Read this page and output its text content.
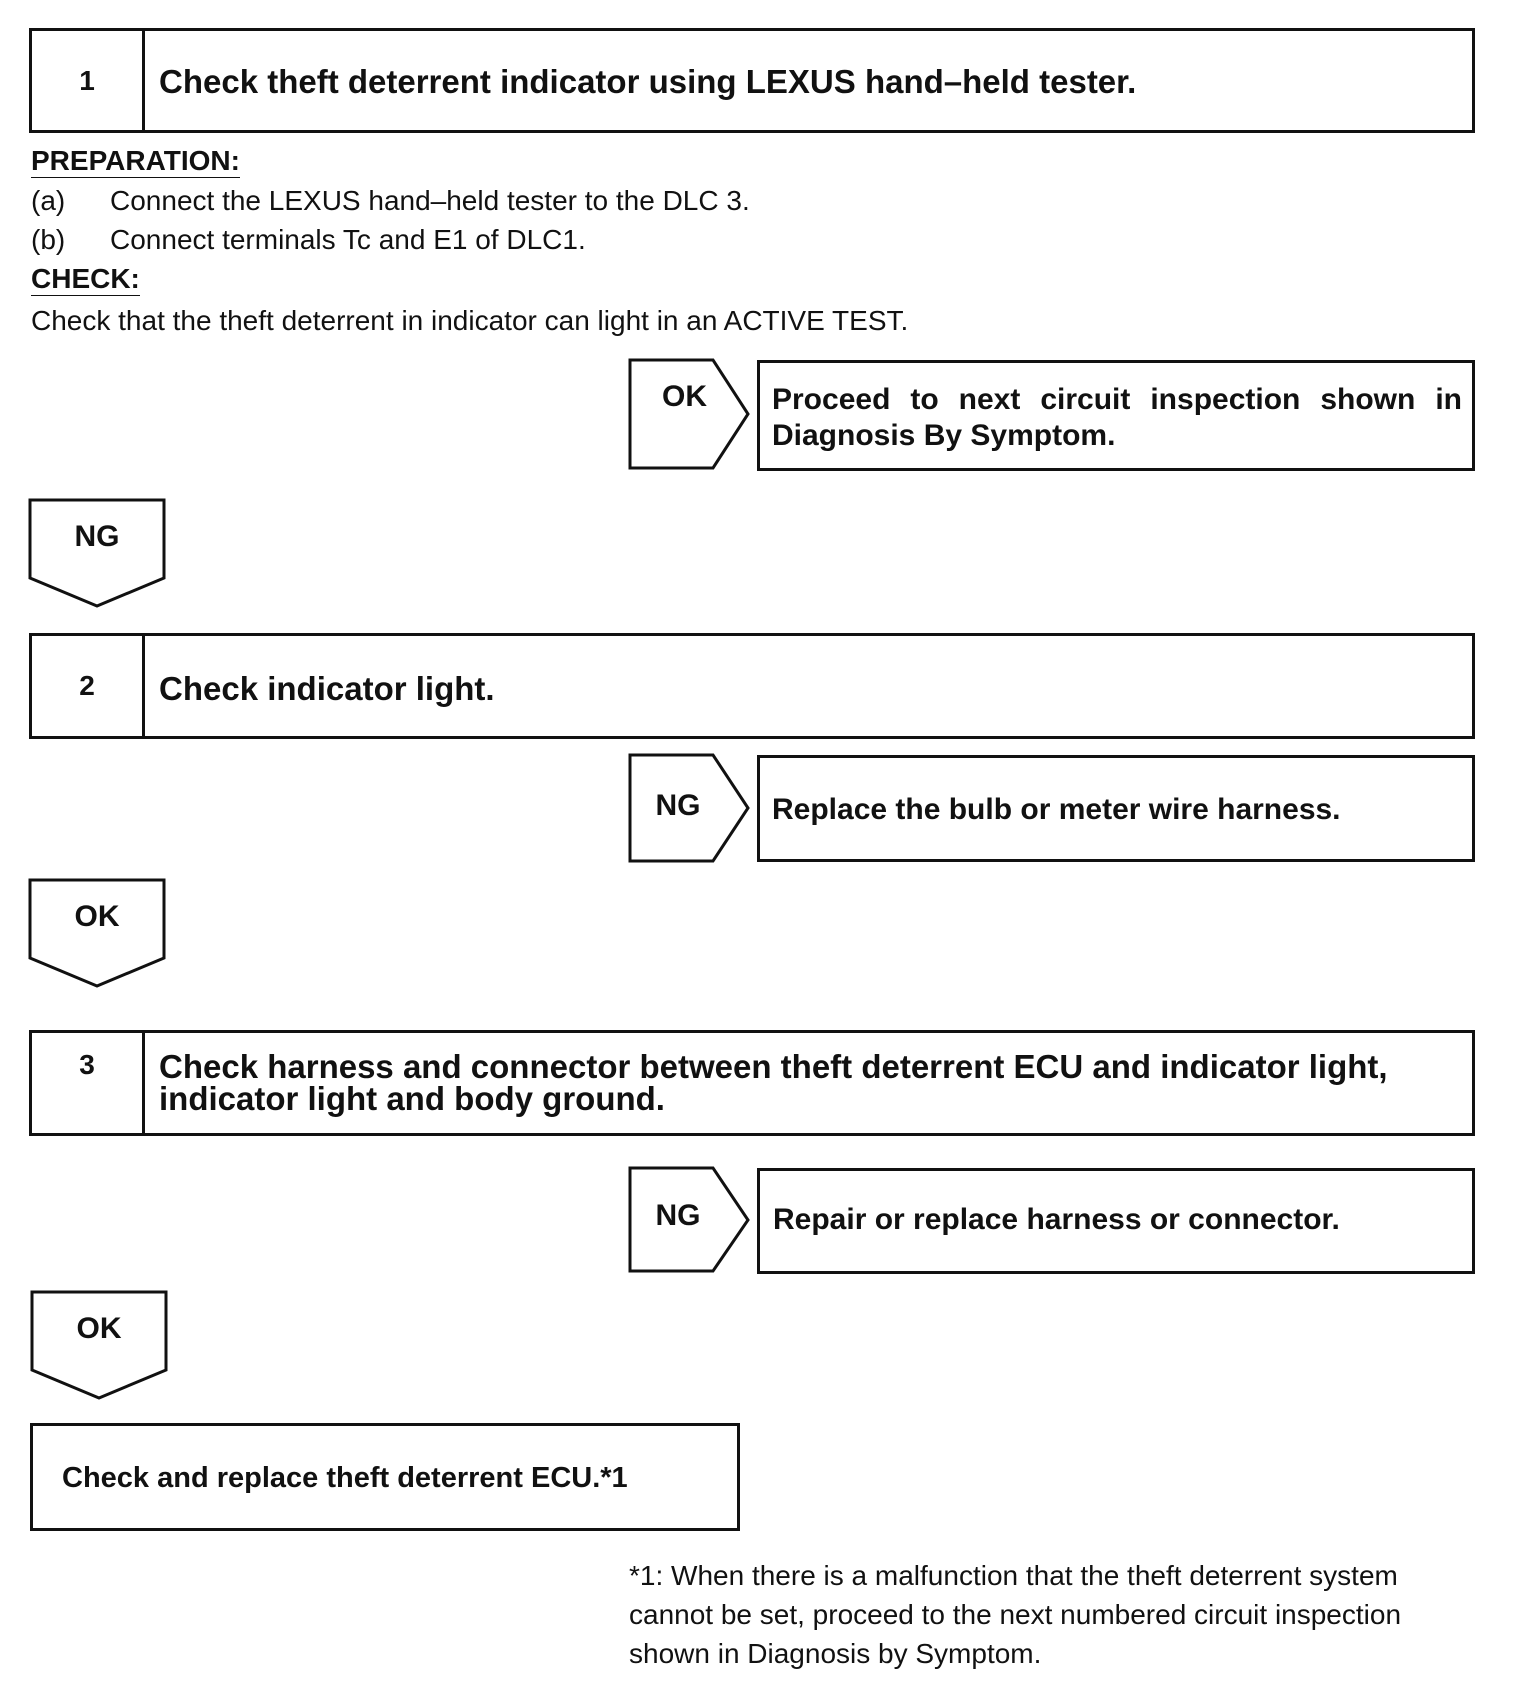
1	Check theft deterrent indicator using LEXUS hand–held tester.
PREPARATION:
(a) Connect the LEXUS hand–held tester to the DLC 3.
(b) Connect terminals Tc and E1 of DLC1.
CHECK:
Check that the theft deterrent in indicator can light in an ACTIVE TEST.
OK	Proceed to next circuit inspection shown in
Diagnosis By Symptom.
NG
2	Check indicator light.
NG	Replace the bulb or meter wire harness.
OK
3	Check harness and connector between theft deterrent ECU and indicator light,
indicator light and body ground.
NG	Repair or replace harness or connector.
OK
Check and replace theft deterrent ECU.*1
*1: When there is a malfunction that the theft deterrent system
cannot be set, proceed to the next numbered circuit inspection
shown in Diagnosis by Symptom.
